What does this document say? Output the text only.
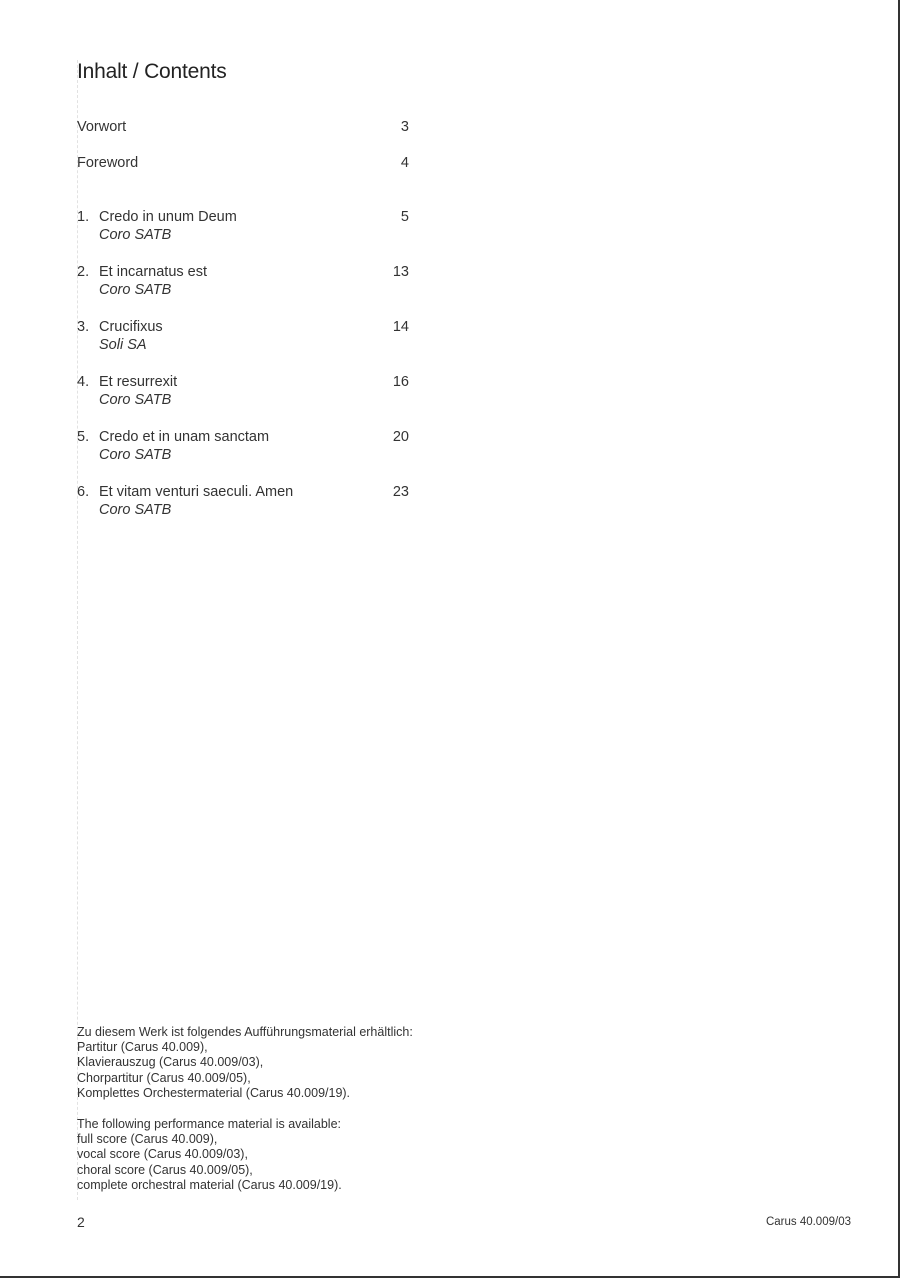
Inhalt / Contents
Vorwort	3
Foreword	4
1. Credo in unum Deum	5
Coro SATB
2. Et incarnatus est	13
Coro SATB
3. Crucifixus	14
Soli SA
4. Et resurrexit	16
Coro SATB
5. Credo et in unam sanctam	20
Coro SATB
6. Et vitam venturi saeculi. Amen	23
Coro SATB
Zu diesem Werk ist folgendes Aufführungsmaterial erhältlich:
Partitur (Carus 40.009),
Klavierauszug (Carus 40.009/03),
Chorpartitur (Carus 40.009/05),
Komplettes Orchestermaterial (Carus 40.009/19).
The following performance material is available:
full score (Carus 40.009),
vocal score (Carus 40.009/03),
choral score (Carus 40.009/05),
complete orchestral material (Carus 40.009/19).
2	Carus 40.009/03
